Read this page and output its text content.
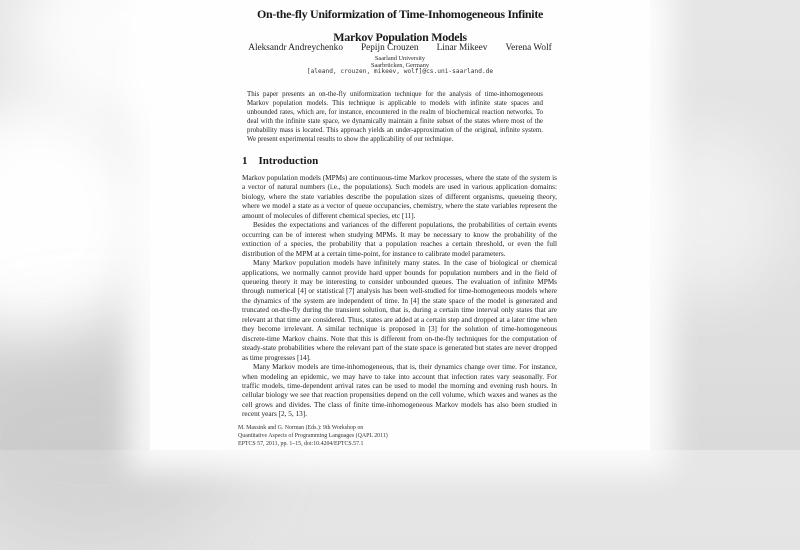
On-the-fly Uniformization of Time-Inhomogeneous Infinite
Markov Population Models
Aleksandr Andreychenko Pepijn Crouzen Linar Mikeev Verena Wolf
Saarland University
Saarbrücken, Germany
[aleand, crouzen, mikeev, wolf]@cs.uni-saarland.de
This paper presents an on-the-fly uniformization technique for the analysis of time-inhomogeneous Markov population models. This technique is applicable to models with infinite state spaces and unbounded rates, which are, for instance, encountered in the realm of biochemical reaction networks. To deal with the infinite state space, we dynamically maintain a finite subset of the states where most of the probability mass is located. This approach yields an under-approximation of the original, infinite system. We present experimental results to show the applicability of our technique.
1 Introduction

Markov population models (MPMs) are continuous-time Markov processes, where the state of the system is a vector of natural numbers (i.e., the populations). Such models are used in various application domains: biology, where the state variables describe the population sizes of different organisms, queueing theory, where we model a state as a vector of queue occupancies, chemistry, where the state variables represent the amount of molecules of different chemical species, etc [11].

Besides the expectations and variances of the different populations, the probabilities of certain events occurring can be of interest when studying MPMs. It may be necessary to know the probability of the extinction of a species, the probability that a population reaches a certain threshold, or even the full distribution of the MPM at a certain time-point, for instance to calibrate model parameters.

Many Markov population models have infinitely many states. In the case of biological or chemical applications, we normally cannot provide hard upper bounds for population numbers and in the field of queueing theory it may be interesting to consider unbounded queues. The evaluation of infinite MPMs through numerical [4] or statistical [7] analysis has been well-studied for time-homogeneous models where the dynamics of the system are independent of time. In [4] the state space of the model is generated and truncated on-the-fly during the transient solution, that is, during a certain time interval only states that are relevant at that time are considered. Thus, states are added at a certain step and dropped at a later time when they become irrelevant. A similar technique is proposed in [3] for the solution of time-homogeneous discrete-time Markov chains. Note that this is different from on-the-fly techniques for the computation of steady-state probabilities where the relevant part of the state space is generated but states are never dropped as time progresses [14].

Many Markov models are time-inhomogeneous, that is, their dynamics change over time. For instance, when modeling an epidemic, we may have to take into account that infection rates vary seasonally. For traffic models, time-dependent arrival rates can be used to model the morning and evening rush hours. In cellular biology we see that reaction propensities depend on the cell volume, which waxes and wanes as the cell grows and divides. The class of finite time-inhomogeneous Markov models has also been studied in recent years [2, 5, 13].

M. Massink and G. Norman (Eds.): 9th Workshop on
Quantitative Aspects of Programming Languages (QAPL 2011)
EPTCS 57, 2011, pp. 1–15, doi:10.4204/EPTCS.57.1
